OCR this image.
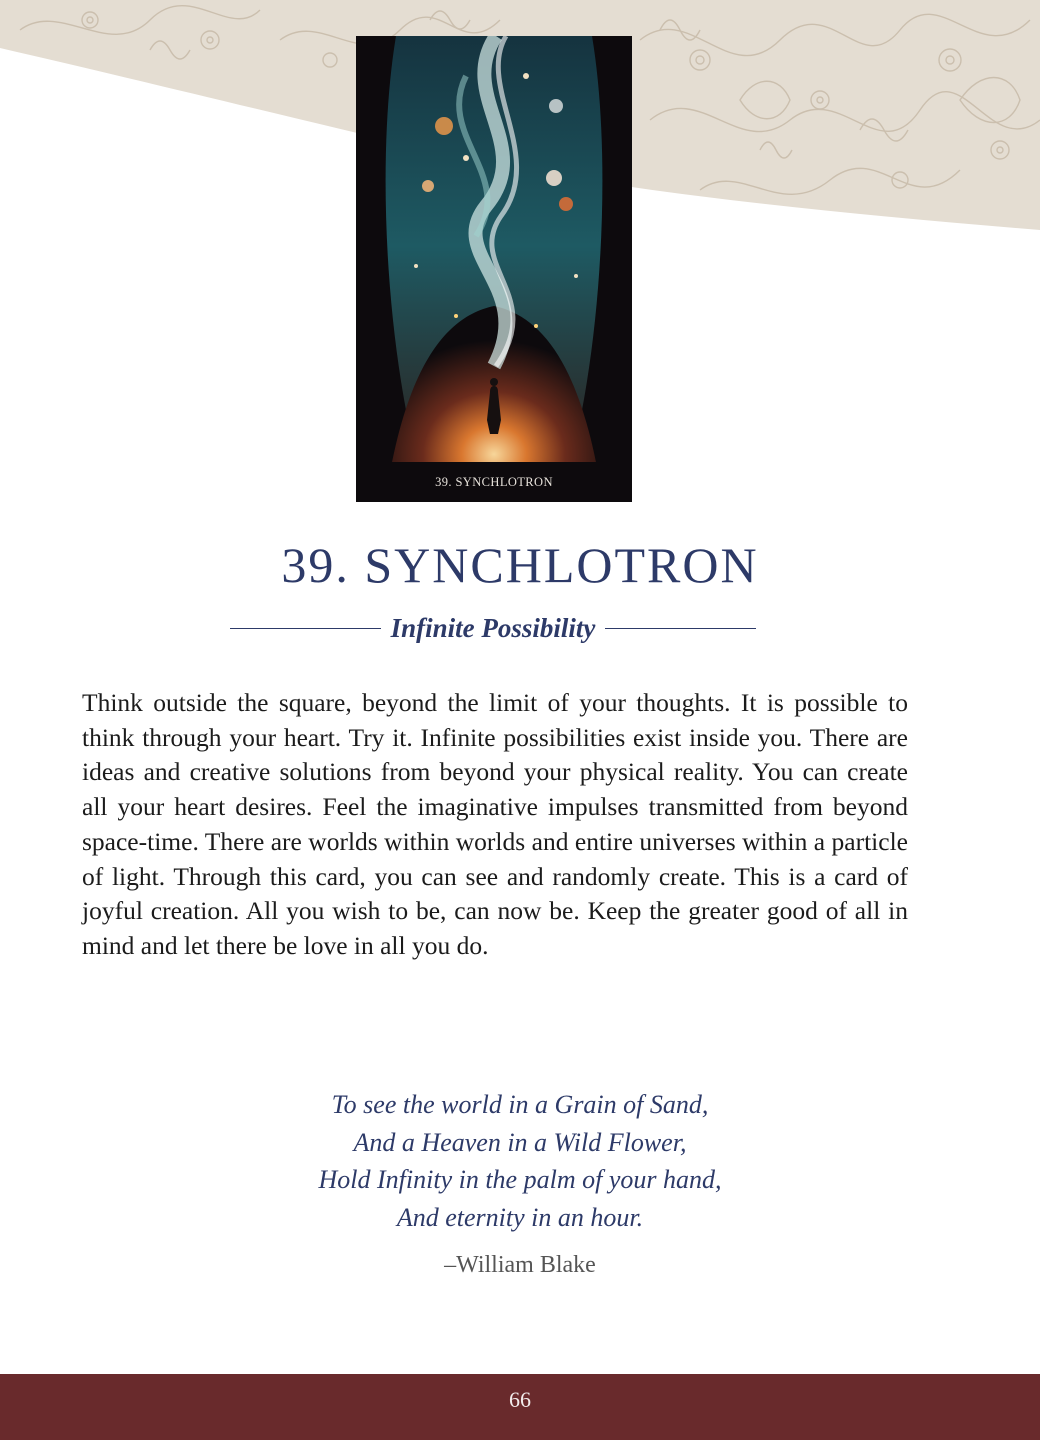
39. SYNCHLOTRON
39. SYNCHLOTRON
Infinite Possibility

Think outside the square, beyond the limit of your thoughts. It is possible to think through your heart. Try it. Infinite possibilities exist inside you. There are ideas and creative solutions from beyond your physical reality. You can create all your heart desires. Feel the imaginative impulses transmitted from beyond space-time. There are worlds within worlds and entire universes within a particle of light. Through this card, you can see and randomly create. This is a card of joyful creation. All you wish to be, can now be. Keep the greater good of all in mind and let there be love in all you do.

To see the world in a Grain of Sand,
And a Heaven in a Wild Flower,
Hold Infinity in the palm of your hand,
And eternity in an hour.
–William Blake
66
